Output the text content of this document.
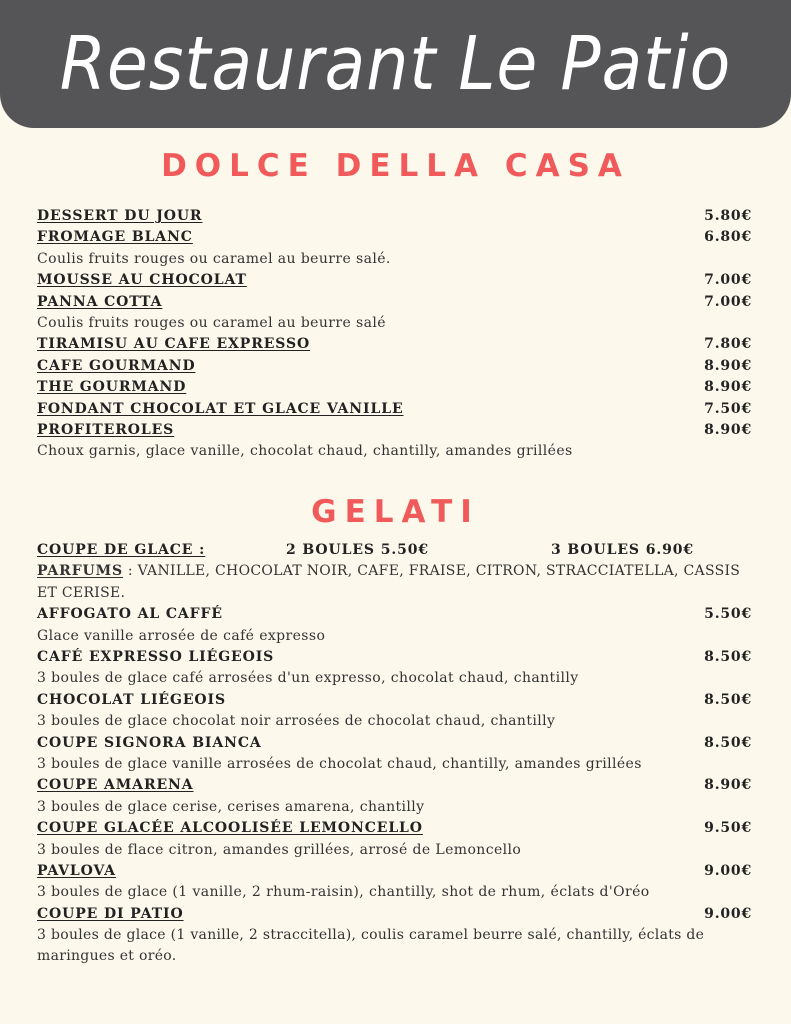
Restaurant Le Patio
DOLCE DELLA CASA
DESSERT DU JOUR	5.80€
FROMAGE BLANC	6.80€
Coulis fruits rouges ou caramel au beurre salé.
MOUSSE AU CHOCOLAT	7.00€
PANNA COTTA	7.00€
Coulis fruits rouges ou caramel au beurre salé
TIRAMISU AU CAFE EXPRESSO	7.80€
CAFE GOURMAND	8.90€
THE GOURMAND	8.90€
FONDANT CHOCOLAT ET GLACE VANILLE	7.50€
PROFITEROLES	8.90€
Choux garnis, glace vanille, chocolat chaud, chantilly, amandes grillées
GELATI
COUPE DE GLACE :	2 BOULES 5.50€	3 BOULES 6.90€
PARFUMS : VANILLE, CHOCOLAT NOIR, CAFE, FRAISE, CITRON, STRACCIATELLA, CASSIS ET CERISE.
AFFOGATO AL CAFFÉ	5.50€
Glace vanille arrosée de café expresso
CAFÉ EXPRESSO LIÉGEOIS	8.50€
3 boules de glace café arrosées d'un expresso, chocolat chaud, chantilly
CHOCOLAT LIÉGEOIS	8.50€
3 boules de glace chocolat noir arrosées de chocolat chaud, chantilly
COUPE SIGNORA BIANCA	8.50€
3 boules de glace vanille arrosées de chocolat chaud, chantilly, amandes grillées
COUPE AMARENA	8.90€
3 boules de glace cerise, cerises amarena, chantilly
COUPE GLACÉE ALCOOLISÉE LEMONCELLO	9.50€
3 boules de flace citron, amandes grillées, arrosé de Lemoncello
PAVLOVA	9.00€
3 boules de glace (1 vanille, 2 rhum-raisin), chantilly, shot de rhum, éclats d'Oréo
COUPE DI PATIO	9.00€
3 boules de glace (1 vanille, 2 straccitella), coulis caramel beurre salé, chantilly, éclats de maringues et oréo.
